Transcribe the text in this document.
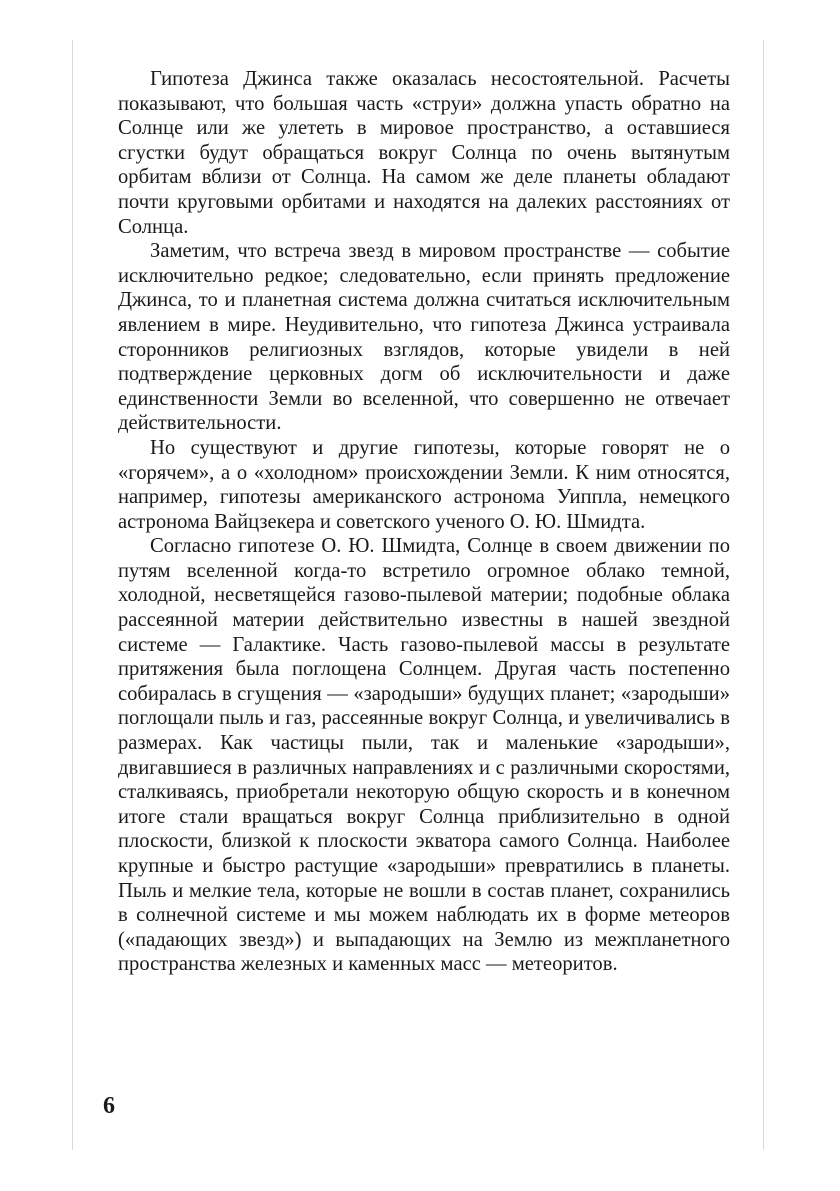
Гипотеза Джинса также оказалась несостоятельной. Расчеты показывают, что большая часть «струи» должна упасть обратно на Солнце или же улететь в мировое пространство, а оставшиеся сгустки будут обращаться вокруг Солнца по очень вытянутым орбитам вблизи от Солнца. На самом же деле планеты обладают почти круговыми орбитами и находятся на далеких расстояниях от Солнца.

Заметим, что встреча звезд в мировом пространстве — событие исключительно редкое; следовательно, если принять предложение Джинса, то и планетная система должна считаться исключительным явлением в мире. Неудивительно, что гипотеза Джинса устраивала сторонников религиозных взглядов, которые увидели в ней подтверждение церковных догм об исключительности и даже единственности Земли во вселенной, что совершенно не отвечает действительности.

Но существуют и другие гипотезы, которые говорят не о «горячем», а о «холодном» происхождении Земли. К ним относятся, например, гипотезы американского астронома Уиппла, немецкого астронома Вайцзекера и советского ученого О. Ю. Шмидта.

Согласно гипотезе О. Ю. Шмидта, Солнце в своем движении по путям вселенной когда-то встретило огромное облако темной, холодной, несветящейся газово-пылевой материи; подобные облака рассеянной материи действительно известны в нашей звездной системе — Галактике. Часть газово-пылевой массы в результате притяжения была поглощена Солнцем. Другая часть постепенно собиралась в сгущения — «зародыши» будущих планет; «зародыши» поглощали пыль и газ, рассеянные вокруг Солнца, и увеличивались в размерах. Как частицы пыли, так и маленькие «зародыши», двигавшиеся в различных направлениях и с различными скоростями, сталкиваясь, приобретали некоторую общую скорость и в конечном итоге стали вращаться вокруг Солнца приблизительно в одной плоскости, близкой к плоскости экватора самого Солнца. Наиболее крупные и быстро растущие «зародыши» превратились в планеты. Пыль и мелкие тела, которые не вошли в состав планет, сохранились в солнечной системе и мы можем наблюдать их в форме метеоров («падающих звезд») и выпадающих на Землю из межпланетного пространства железных и каменных масс — метеоритов.

6
